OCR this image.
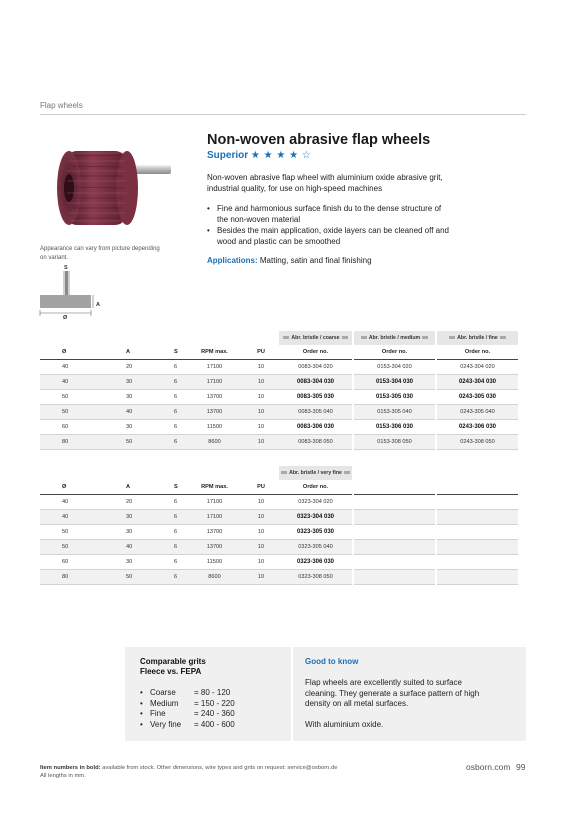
Flap wheels
Appearance can vary from picture depending on variant.
S
A
Ø
Non-woven abrasive flap wheels
Superior ★ ★ ★ ★ ☆

Non-woven abrasive flap wheel with aluminium oxide abrasive grit, industrial quality, for use on high-speed machines

• Fine and harmonious surface finish du to the dense structure of the non-woven material
• Besides the main application, oxide layers can be cleaned off and wood and plastic can be smoothed
Applications: Matting, satin and final finishing
					Abr. bristle / coarse		Abr. bristle / medium		Abr. bristle / fine
Ø	A	S	RPM max.	PU	Order no.		Order no.		Order no.
40	20	6	17100	10	0083-304 020		0153-304 020		0243-304 020
40	30	6	17100	10	0083-304 030		0153-304 030		0243-304 030
50	30	6	13700	10	0083-305 030		0153-305 030		0243-305 030
50	40	6	13700	10	0083-305 040		0153-305 040		0243-305 040
60	30	6	11500	10	0083-306 030		0153-306 030		0243-306 030
80	50	6	8600	10	0083-308 050		0153-308 050		0243-308 050
					Abr. bristle / very fine				
Ø	A	S	RPM max.	PU	Order no.				
40	20	6	17100	10	0323-304 020				
40	30	6	17100	10	0323-304 030				
50	30	6	13700	10	0323-305 030				
50	40	6	13700	10	0323-305 040				
60	30	6	11500	10	0323-306 030				
80	50	6	8600	10	0323-308 050				
Comparable grits
Fleece vs. FEPA
• Coarse = 80 - 120
• Medium = 150 - 220
• Fine	= 240 - 360
• Very fine = 400 - 600
Good to know

Flap wheels are excellently suited to surface cleaning. They generate a surface pattern of high density on all metal surfaces.

With aluminium oxide.

Item numbers in bold: available from stock. Other dimensions, wire types and grits on request: service@osborn.de
All lengths in mm.
osborn.com 99
